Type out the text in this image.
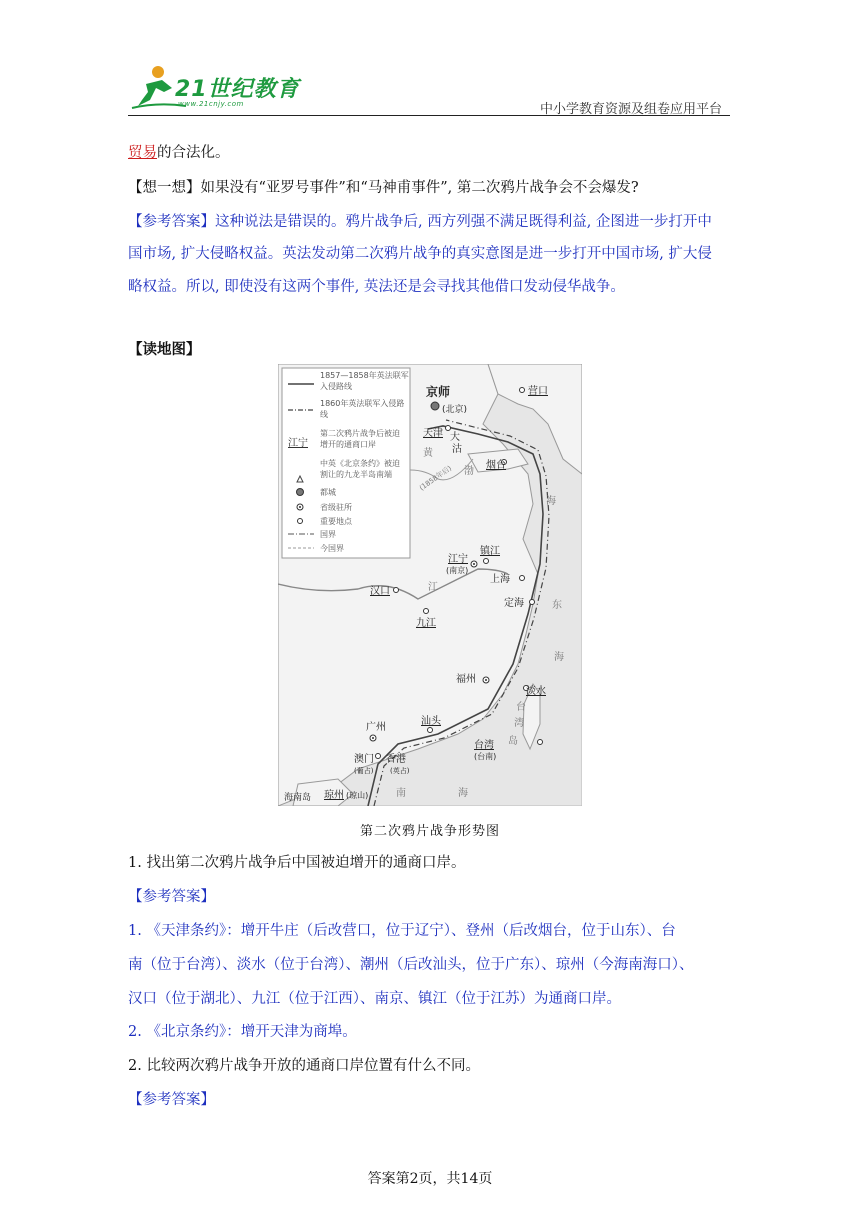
21世纪教育
www.21cnjy.com	中小学教育资源及组卷应用平台
贸易的合法化。
【想一想】如果没有“亚罗号事件”和“马神甫事件”, 第二次鸦片战争会不会爆发?
【参考答案】这种说法是错误的。鸦片战争后, 西方列强不满足既得利益, 企图进一步打开中
国市场, 扩大侵略权益。英法发动第二次鸦片战争的真实意图是进一步打开中国市场, 扩大侵
略权益。所以, 即使没有这两个事件, 英法还是会寻找其他借口发动侵华战争。
【读地图】
1857—1858年英法联军
入侵路线
1860年英法联军入侵路
线
第二次鸦片战争后被迫
增开的通商口岸
中英《北京条约》被迫
割让的九龙半岛南端
都城
省级驻所
重要地点
国界
今国界
江宁
京师
(北京)
营口
天津 大
沽
烟台
江宁
(南京)
镇江
上海
定海
汉口
九江
福州
淡水
汕头
广州
澳门
(葡占)
香港
(英占)
台湾
(台南)
海南岛 琼州 (琼山)
黄
渤
海
东
海
台
湾
岛
南	海
江
(1858年后)
第二次鸦片战争形势图
1. 找出第二次鸦片战争后中国被迫增开的通商口岸。
【参考答案】
1. 《天津条约》：增开牛庄（后改营口，位于辽宁）、登州（后改烟台，位于山东）、台
南（位于台湾）、淡水（位于台湾）、潮州（后改汕头，位于广东）、琼州（今海南海口）、
汉口（位于湖北）、九江（位于江西）、南京、镇江（位于江苏）为通商口岸。
2. 《北京条约》：增开天津为商埠。
2. 比较两次鸦片战争开放的通商口岸位置有什么不同。
【参考答案】
答案第2页，共14页
